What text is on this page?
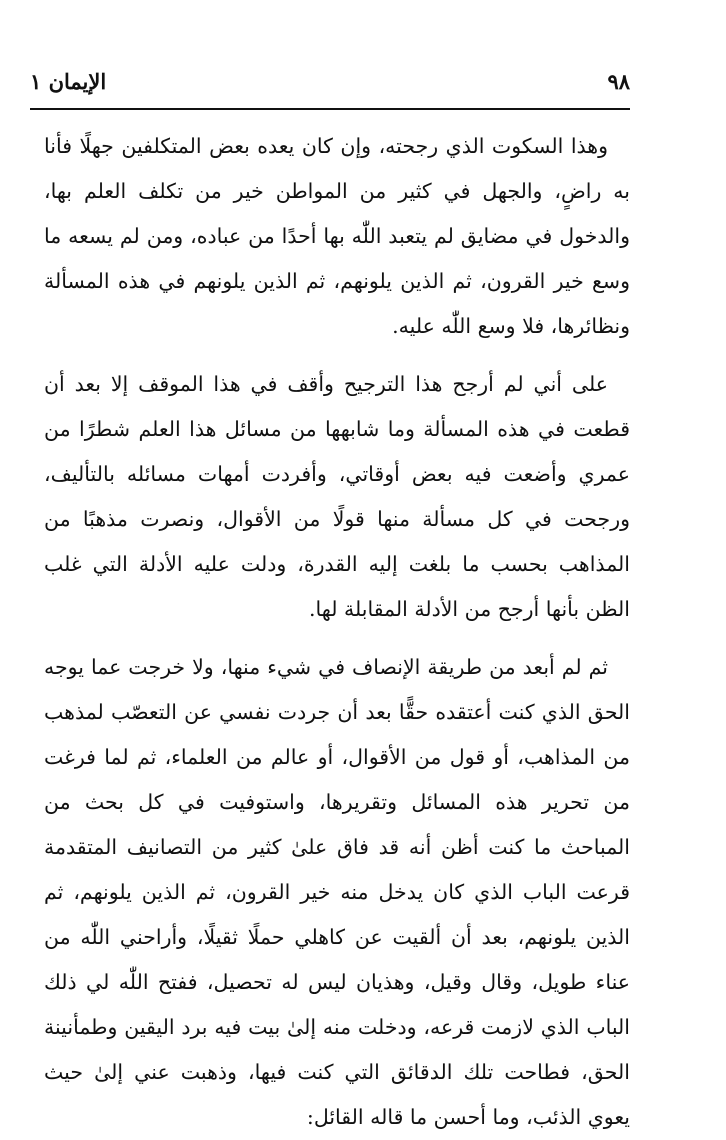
٩٨
الإيمان ١

وهذا السكوت الذي رجحته، وإن كان يعده بعض المتكلفين جهلًا فأنا به راضٍ، والجهل في كثير من المواطن خير من تكلف العلم بها، والدخول في مضايق لم يتعبد اللّٰه بها أحدًا من عباده، ومن لم يسعه ما وسع خير القرون، ثم الذين يلونهم، ثم الذين يلونهم في هذه المسألة ونظائرها، فلا وسع اللّٰه عليه.

على أني لم أرجح هذا الترجيح وأقف في هذا الموقف إلا بعد أن قطعت في هذه المسألة وما شابهها من مسائل هذا العلم شطرًا من عمري وأضعت فيه بعض أوقاتي، وأفردت أمهات مسائله بالتأليف، ورجحت في كل مسألة منها قولًا من الأقوال، ونصرت مذهبًا من المذاهب بحسب ما بلغت إليه القدرة، ودلت عليه الأدلة التي غلب الظن بأنها أرجح من الأدلة المقابلة لها.

ثم لم أبعد من طريقة الإنصاف في شيء منها، ولا خرجت عما يوجه الحق الذي كنت أعتقده حقًّا بعد أن جردت نفسي عن التعصّب لمذهب من المذاهب، أو قول من الأقوال، أو عالم من العلماء، ثم لما فرغت من تحرير هذه المسائل وتقريرها، واستوفيت في كل بحث من المباحث ما كنت أظن أنه قد فاق علىٰ كثير من التصانيف المتقدمة قرعت الباب الذي كان يدخل منه خير القرون، ثم الذين يلونهم، ثم الذين يلونهم، بعد أن ألقيت عن كاهلي حملًا ثقيلًا، وأراحني اللّٰه من عناء طويل، وقال وقيل، وهذيان ليس له تحصيل، ففتح اللّٰه لي ذلك الباب الذي لازمت قرعه، ودخلت منه إلىٰ بيت فيه برد اليقين وطمأنينة الحق، فطاحت تلك الدقائق التي كنت فيها، وذهبت عني إلىٰ حيث يعوي الذئب، وما أحسن ما قاله القائل:
